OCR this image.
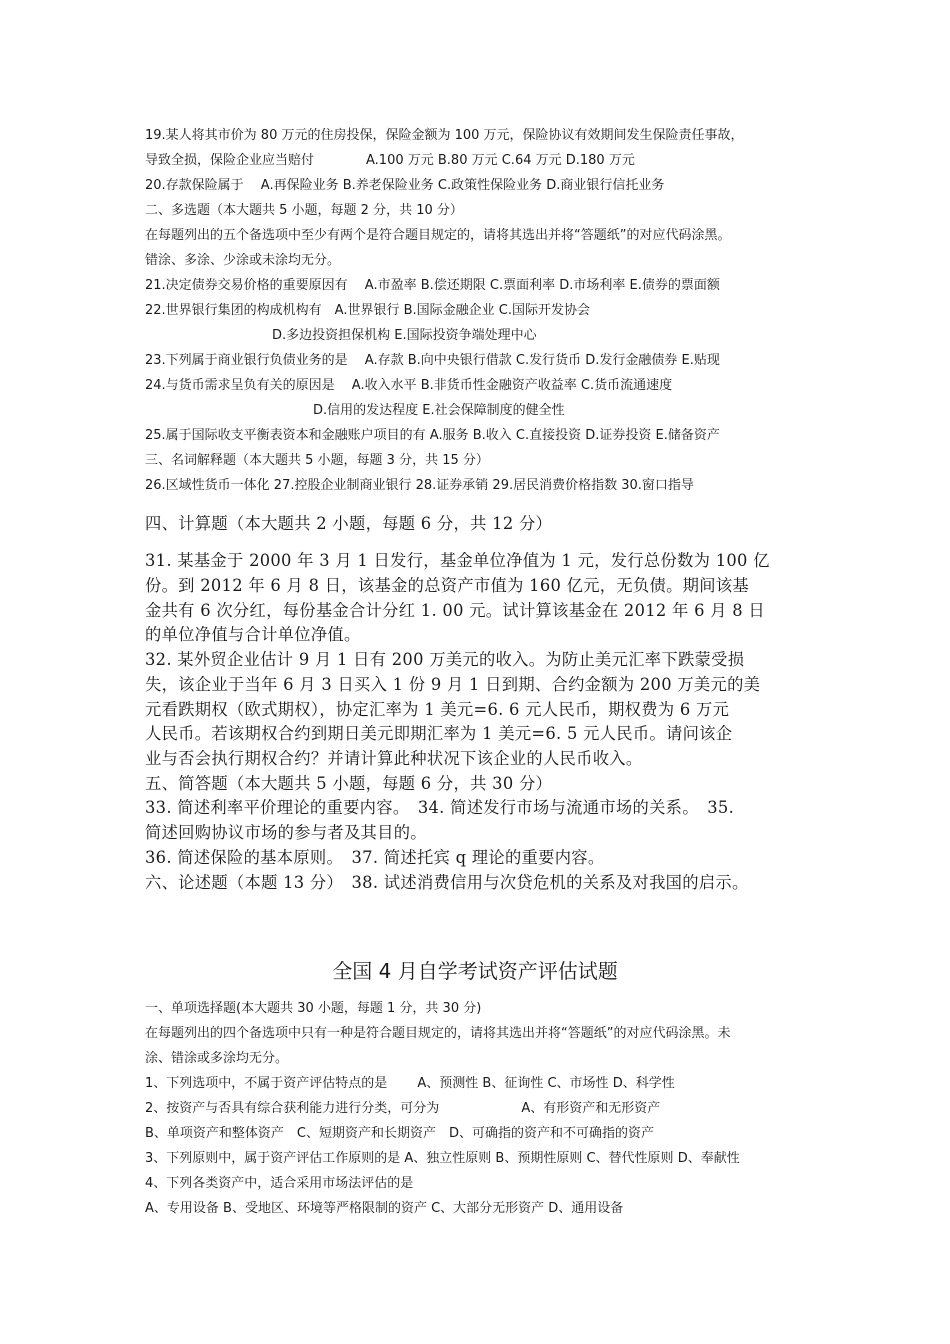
19.某人将其市价为 80 万元的住房投保，保险金额为 100 万元，保险协议有效期间发生保险责任事故，
导致全损，保险企业应当赔付　　　　A.100 万元 B.80 万元 C.64 万元 D.180 万元
20.存款保险属于　 A.再保险业务 B.养老保险业务 C.政策性保险业务 D.商业银行信托业务
二、多选题（本大题共 5 小题，每题 2 分，共 10 分）
在每题列出的五个备选项中至少有两个是符合题目规定的，请将其选出并将“答题纸”的对应代码涂黑。
错涂、多涂、少涂或未涂均无分。
21.决定债券交易价格的重要原因有　 A.市盈率 B.偿还期限 C.票面利率 D.市场利率 E.债券的票面额
22.世界银行集团的构成机构有　A.世界银行 B.国际金融企业 C.国际开发协会
D.多边投资担保机构 E.国际投资争端处理中心
23.下列属于商业银行负债业务的是　 A.存款 B.向中央银行借款 C.发行货币 D.发行金融债券 E.贴现
24.与货币需求呈负有关的原因是　 A.收入水平 B.非货币性金融资产收益率 C.货币流通速度
D.信用的发达程度 E.社会保障制度的健全性
25.属于国际收支平衡表资本和金融账户项目的有 A.服务 B.收入 C.直接投资 D.证券投资 E.储备资产
三、名词解释题（本大题共 5 小题，每题 3 分，共 15 分）
26.区域性货币一体化 27.控股企业制商业银行 28.证券承销 29.居民消费价格指数 30.窗口指导
四、计算题（本大题共 2 小题，每题 6 分，共 12 分）
31. 某基金于 2000 年 3 月 1 日发行，基金单位净值为 1 元，发行总份数为 100 亿
份。到 2012 年 6 月 8 日，该基金的总资产市值为 160 亿元，无负债。期间该基
金共有 6 次分红，每份基金合计分红 1. 00 元。试计算该基金在 2012 年 6 月 8 日
的单位净值与合计单位净值。
32. 某外贸企业估计 9 月 1 日有 200 万美元的收入。为防止美元汇率下跌蒙受损
失，该企业于当年 6 月 3 日买入 1 份 9 月 1 日到期、合约金额为 200 万美元的美
元看跌期权（欧式期权），协定汇率为 1 美元=6. 6 元人民币，期权费为 6 万元
人民币。若该期权合约到期日美元即期汇率为 1 美元=6. 5 元人民币。请问该企
业与否会执行期权合约？并请计算此种状况下该企业的人民币收入。
五、简答题（本大题共 5 小题，每题 6 分，共 30 分）
33. 简述利率平价理论的重要内容。　34. 简述发行市场与流通市场的关系。　35.
简述回购协议市场的参与者及其目的。
36. 简述保险的基本原则。　37. 简述托宾 q 理论的重要内容。
六、论述题（本题 13 分）　38. 试述消费信用与次贷危机的关系及对我国的启示。
全国 4 月自学考试资产评估试题
一、单项选择题(本大题共 30 小题，每题 1 分，共 30 分)
在每题列出的四个备选项中只有一种是符合题目规定的，请将其选出并将“答题纸”的对应代码涂黑。未
涂、错涂或多涂均无分。
1、下列选项中，不属于资产评估特点的是　　 A、预测性 B、征询性 C、市场性 D、科学性
2、按资产与否具有综合获利能力进行分类，可分为　　　　　　 A、有形资产和无形资产
B、单项资产和整体资产　C、短期资产和长期资产　D、可确指的资产和不可确指的资产
3、下列原则中，属于资产评估工作原则的是 A、独立性原则 B、预期性原则 C、替代性原则 D、奉献性
4、下列各类资产中，适合采用市场法评估的是
A、专用设备 B、受地区、环境等严格限制的资产 C、大部分无形资产 D、通用设备
